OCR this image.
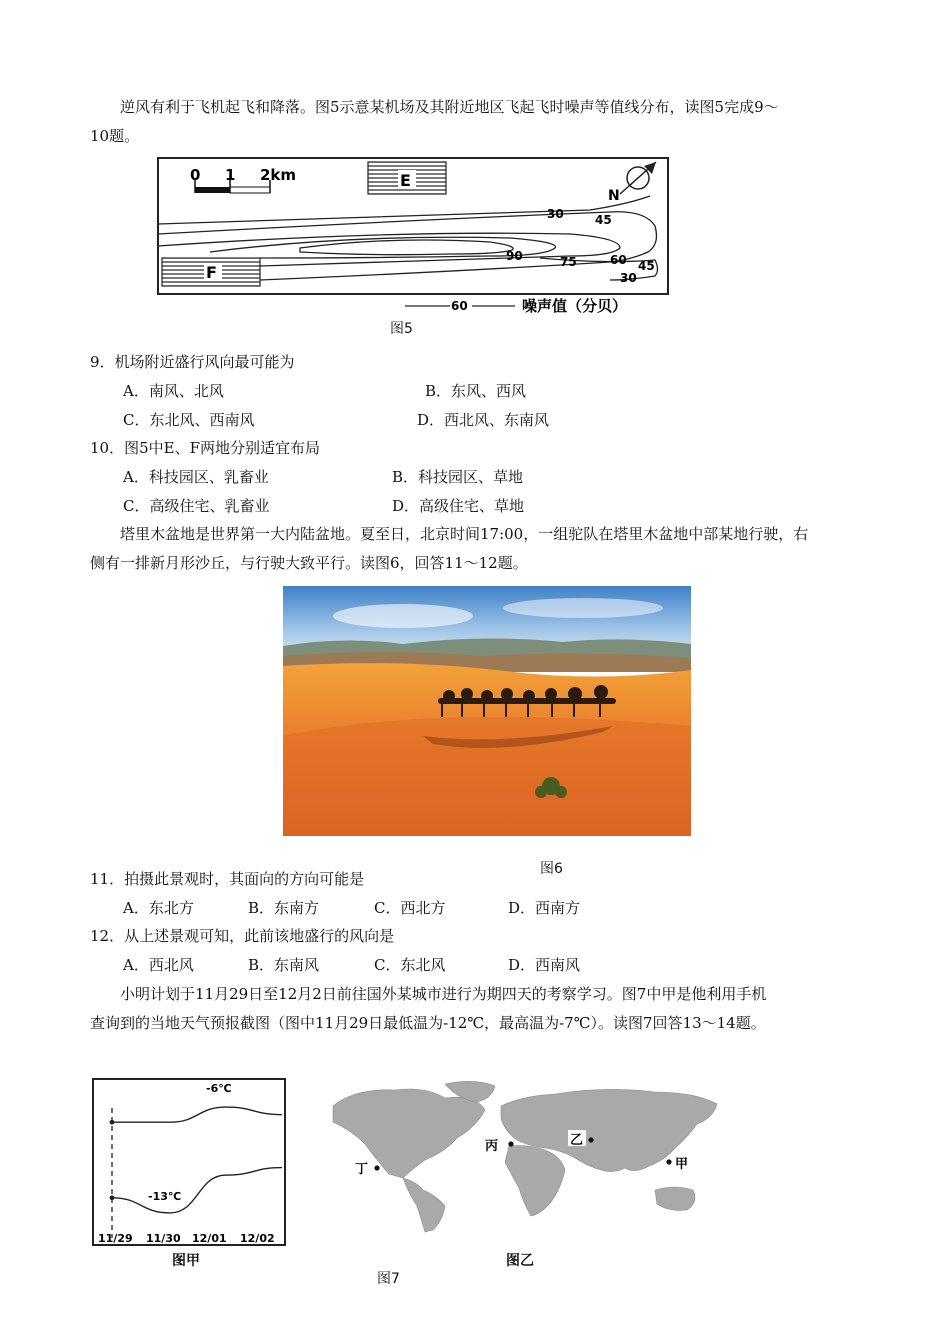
逆风有利于飞机起飞和降落。图5示意某机场及其附近地区飞起飞时噪声等值线分布，读图5完成9～
10题。
0 1 2km	E
F
N
30	45
90	75	60 45
30
60	噪声值（分贝）
图5
9．机场附近盛行风向最可能为
A．南风、北风	B．东风、西风
C．东北风、西南风	D．西北风、东南风
10．图5中E、F两地分别适宜布局
A．科技园区、乳畜业	B．科技园区、草地
C．高级住宅、乳畜业	D．高级住宅、草地
塔里木盆地是世界第一大内陆盆地。夏至日，北京时间17:00，一组驼队在塔里木盆地中部某地行驶，右
侧有一排新月形沙丘，与行驶大致平行。读图6，回答11～12题。
图6
11．拍摄此景观时，其面向的方向可能是
A．东北方	B．东南方	C．西北方	D．西南方
12．从上述景观可知，此前该地盛行的风向是
A．西北风	B．东南风	C．东北风	D．西南风
小明计划于11月29日至12月2日前往国外某城市进行为期四天的考察学习。图7中甲是他利用手机
查询到的当地天气预报截图（图中11月29日最低温为-12℃，最高温为-7℃）。读图7回答13～14题。
-6℃
-13℃
11/29 11/30 12/01 12/02
图甲
丙	乙
丁	甲
图乙
图7
